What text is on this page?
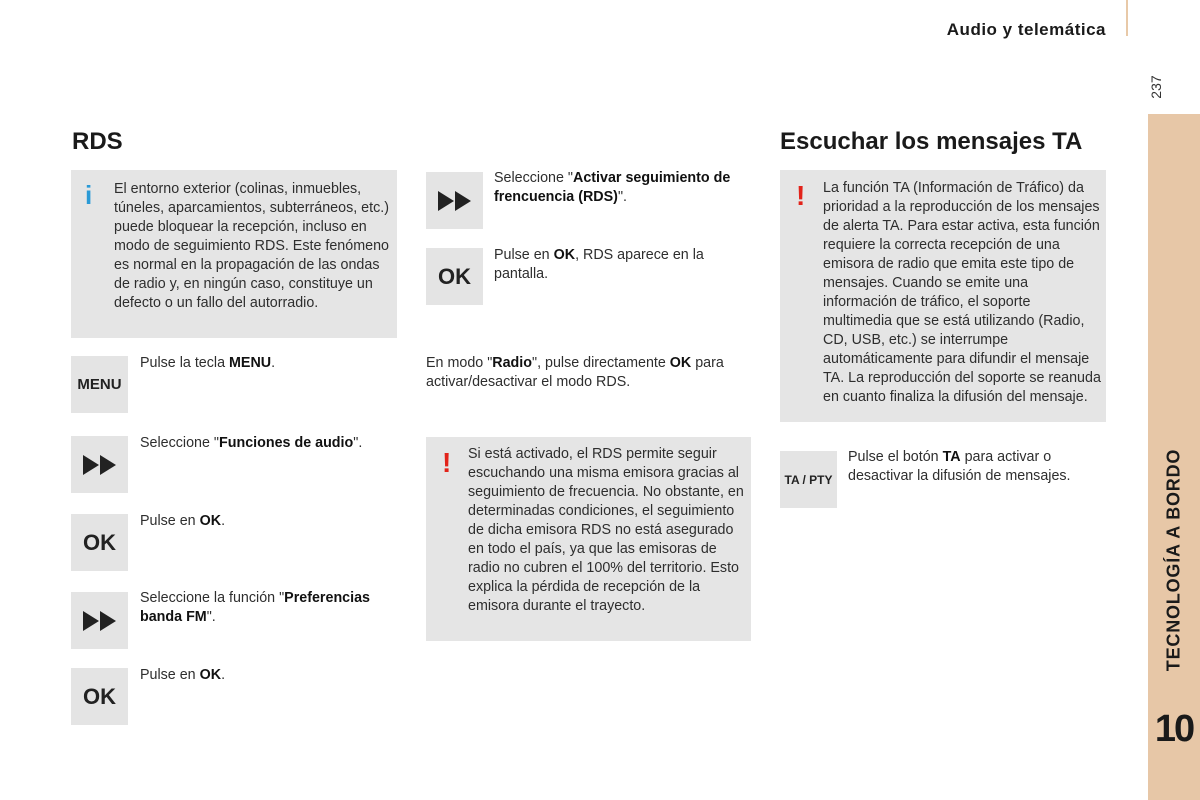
Audio y telemática
237
TECNOLOGÍA A BORDO
10
RDS
i El entorno exterior (colinas, inmuebles, túneles, aparcamientos, subterráneos, etc.) puede bloquear la recepción, incluso en modo de seguimiento RDS. Este fenómeno es normal en la propagación de las ondas de radio y, en ningún caso, constituye un defecto o un fallo del autorradio.
MENU
Pulse la tecla MENU.
Seleccione "Funciones de audio".
OK
Pulse en OK.
Seleccione la función "Preferencias banda FM".
OK
Pulse en OK.
Seleccione "Activar seguimiento de frencuencia (RDS)".
OK
Pulse en OK, RDS aparece en la pantalla.
En modo "Radio", pulse directamente OK para activar/desactivar el modo RDS.
! Si está activado, el RDS permite seguir escuchando una misma emisora gracias al seguimiento de frecuencia. No obstante, en determinadas condiciones, el seguimiento de dicha emisora RDS no está asegurado en todo el país, ya que las emisoras de radio no cubren el 100% del territorio. Esto explica la pérdida de recepción de la emisora durante el trayecto.
Escuchar los mensajes TA
! La función TA (Información de Tráfico) da prioridad a la reproducción de los mensajes de alerta TA. Para estar activa, esta función requiere la correcta recepción de una emisora de radio que emita este tipo de mensajes. Cuando se emite una información de tráfico, el soporte multimedia que se está utilizando (Radio, CD, USB, etc.) se interrumpe automáticamente para difundir el mensaje TA. La reproducción del soporte se reanuda en cuanto finaliza la difusión del mensaje.
TA / PTY
Pulse el botón TA para activar o desactivar la difusión de mensajes.
